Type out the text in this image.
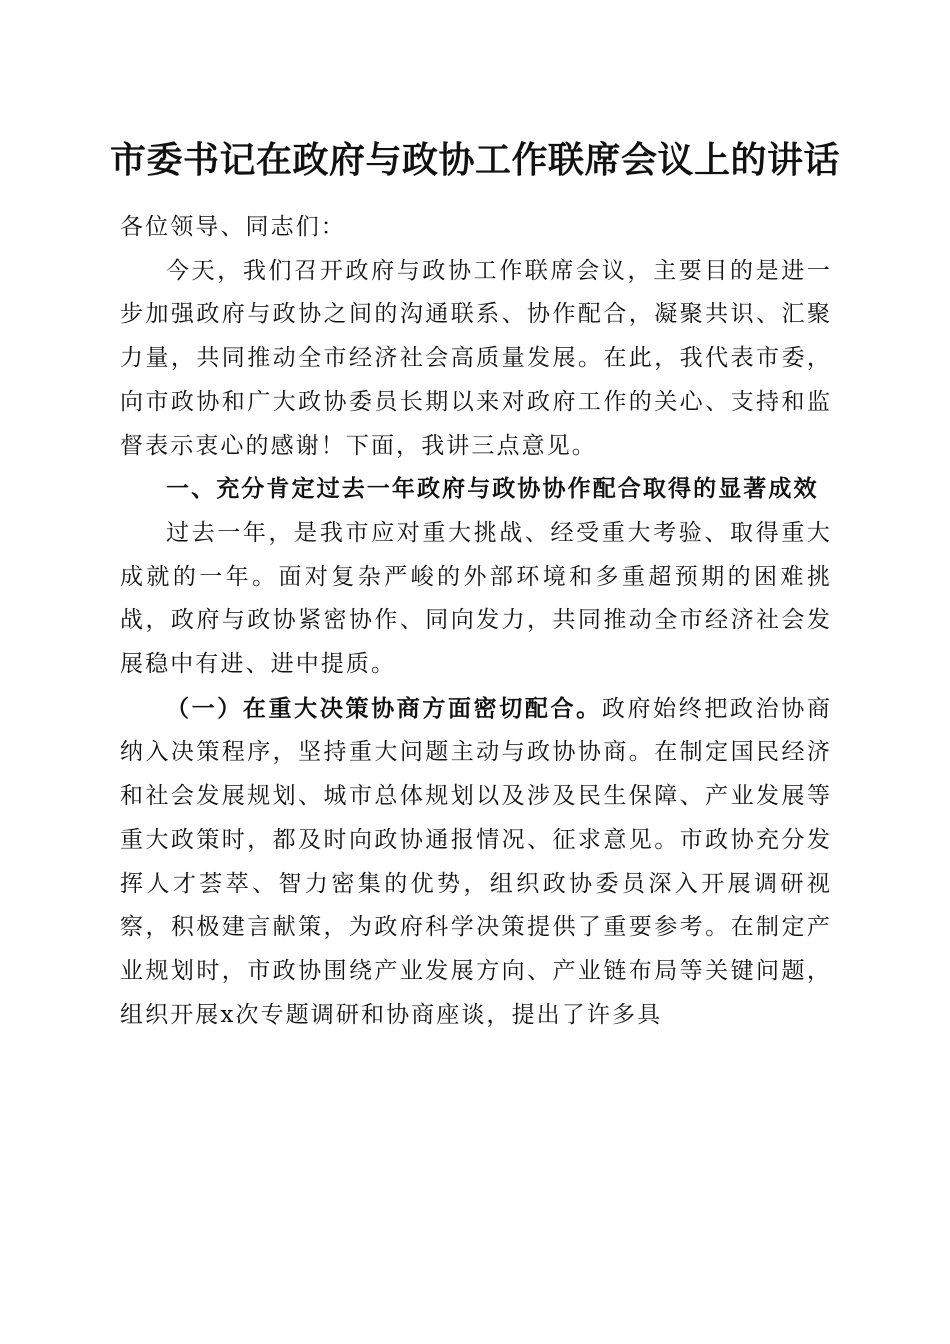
市委书记在政府与政协工作联席会议上的讲话

各位领导、同志们：

今天，我们召开政府与政协工作联席会议，主要目的是进一步加强政府与政协之间的沟通联系、协作配合，凝聚共识、汇聚力量，共同推动全市经济社会高质量发展。在此，我代表市委，向市政协和广大政协委员长期以来对政府工作的关心、支持和监督表示衷心的感谢！下面，我讲三点意见。

一、充分肯定过去一年政府与政协协作配合取得的显著成效

过去一年，是我市应对重大挑战、经受重大考验、取得重大成就的一年。面对复杂严峻的外部环境和多重超预期的困难挑战，政府与政协紧密协作、同向发力，共同推动全市经济社会发展稳中有进、进中提质。

（一）在重大决策协商方面密切配合。政府始终把政治协商纳入决策程序，坚持重大问题主动与政协协商。在制定国民经济和社会发展规划、城市总体规划以及涉及民生保障、产业发展等重大政策时，都及时向政协通报情况、征求意见。市政协充分发挥人才荟萃、智力密集的优势，组织政协委员深入开展调研视察，积极建言献策，为政府科学决策提供了重要参考。在制定产业规划时，市政协围绕产业发展方向、产业链布局等关键问题，组织开展x次专题调研和协商座谈，提出了许多具
